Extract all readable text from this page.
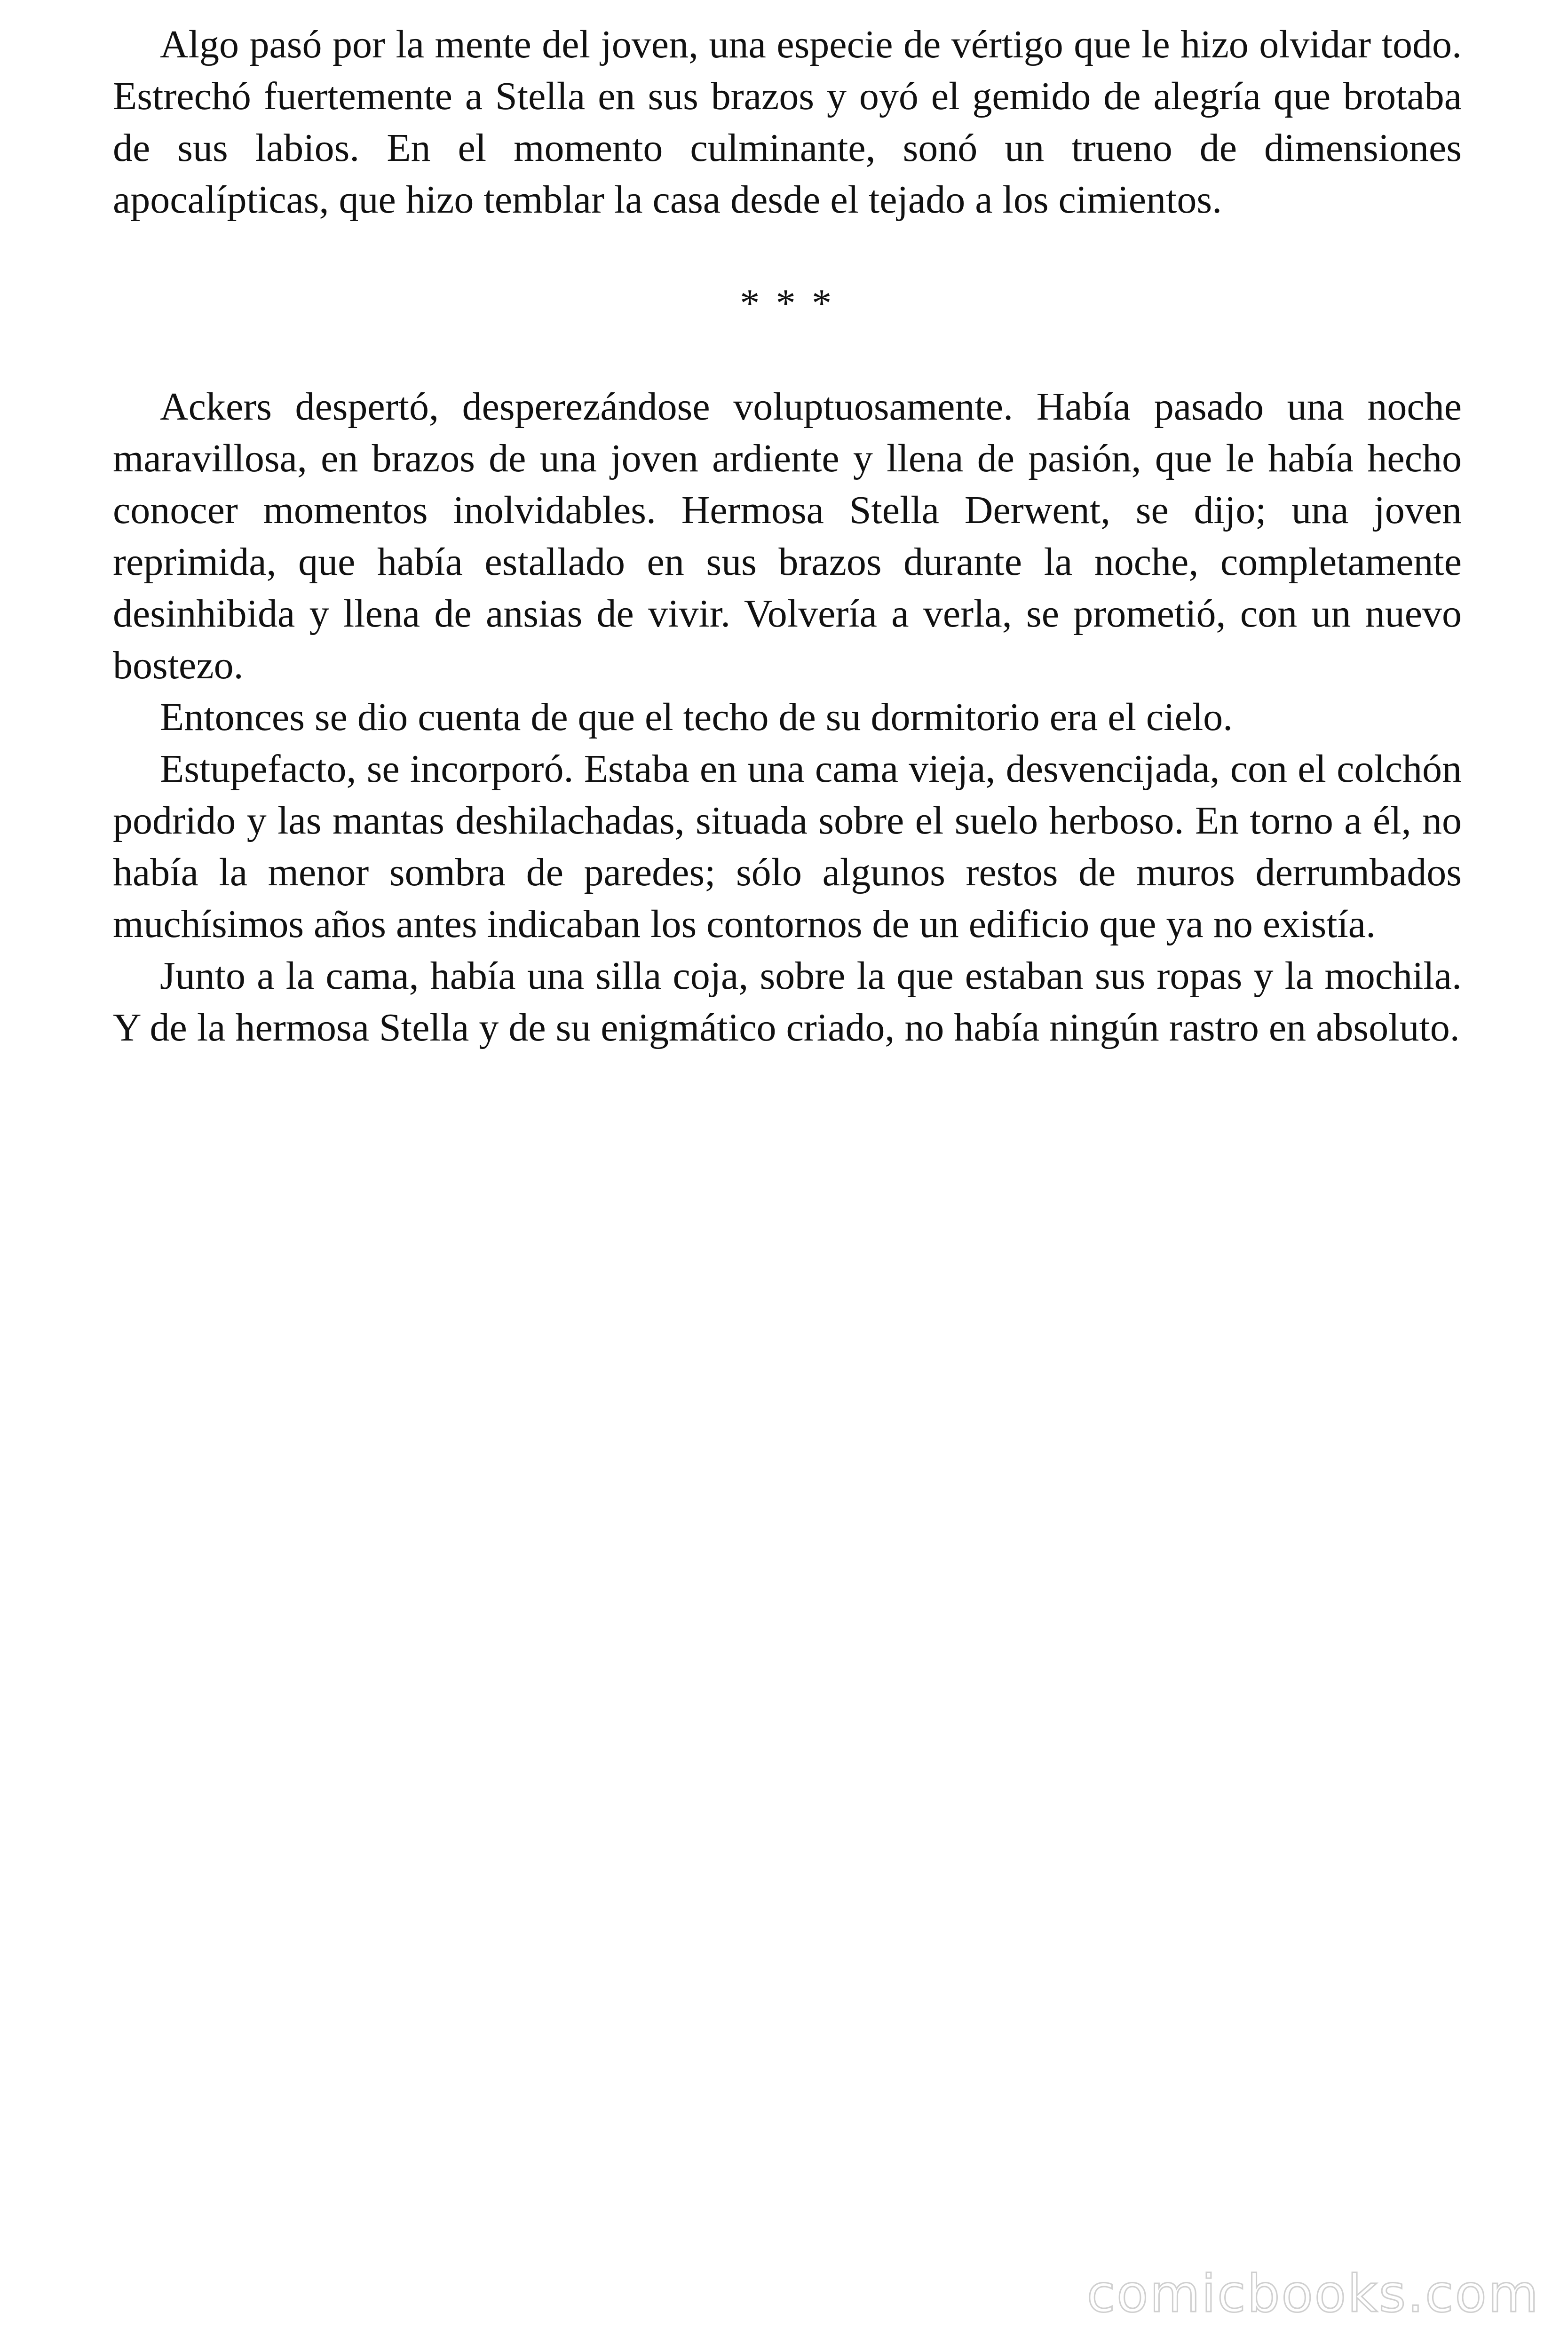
Algo pasó por la mente del joven, una especie de vértigo que le hizo olvidar todo. Estrechó fuertemente a Stella en sus brazos y oyó el gemido de alegría que brotaba de sus labios. En el momento culminante, sonó un trueno de dimensiones apocalípticas, que hizo temblar la casa desde el tejado a los cimientos.

* * *

Ackers despertó, desperezándose voluptuosamente. Había pasado una noche maravillosa, en brazos de una joven ardiente y llena de pasión, que le había hecho conocer momentos inolvidables. Hermosa Stella Derwent, se dijo; una joven reprimida, que había estallado en sus brazos durante la noche, completamente desinhibida y llena de ansias de vivir. Volvería a verla, se prometió, con un nuevo bostezo.

Entonces se dio cuenta de que el techo de su dormitorio era el cielo.

Estupefacto, se incorporó. Estaba en una cama vieja, desvencijada, con el colchón podrido y las mantas deshilachadas, situada sobre el suelo herboso. En torno a él, no había la menor sombra de paredes; sólo algunos restos de muros derrumbados muchísimos años antes indicaban los contornos de un edificio que ya no existía.

Junto a la cama, había una silla coja, sobre la que estaban sus ropas y la mochila. Y de la hermosa Stella y de su enigmático criado, no había ningún rastro en absoluto.

comicbooks.com
